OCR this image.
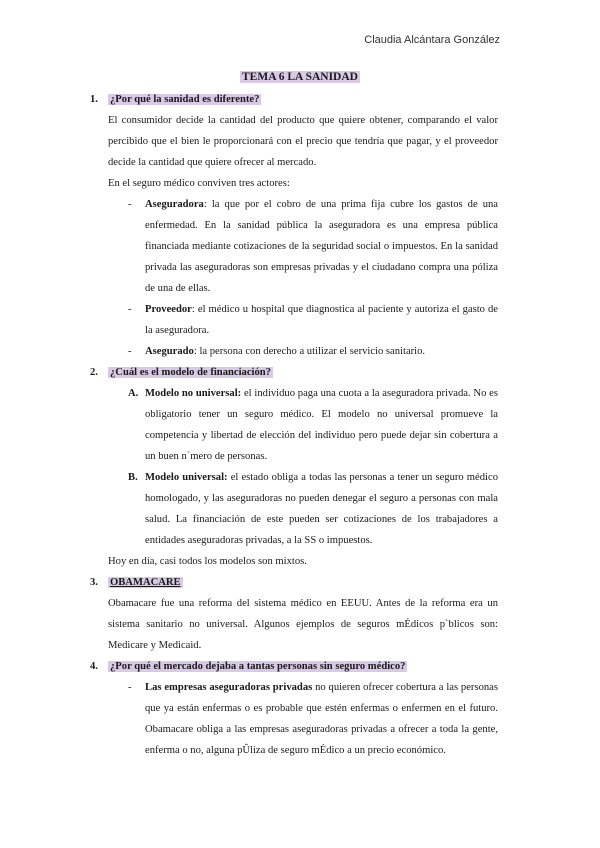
Claudia Alcántara González
TEMA 6 LA SANIDAD
1. ¿Por qué la sanidad es diferente?
El consumidor decide la cantidad del producto que quiere obtener, comparando el valor percibido que el bien le proporcionará con el precio que tendría que pagar, y el proveedor decide la cantidad que quiere ofrecer al mercado.
En el seguro médico conviven tres actores:
- Aseguradora: la que por el cobro de una prima fija cubre los gastos de una enfermedad. En la sanidad pública la aseguradora es una empresa pública financiada mediante cotizaciones de la seguridad social o impuestos. En la sanidad privada las aseguradoras son empresas privadas y el ciudadano compra una póliza de una de ellas.
- Proveedor: el médico u hospital que diagnostica al paciente y autoriza el gasto de la aseguradora.
- Asegurado: la persona con derecho a utilizar el servicio sanitario.
2. ¿Cuál es el modelo de financiación?
A. Modelo no universal: el individuo paga una cuota a la aseguradora privada. No es obligatorio tener un seguro médico. El modelo no universal promueve la competencia y libertad de elección del individuo pero puede dejar sin cobertura a un buen n`mero de personas.
B. Modelo universal: el estado obliga a todas las personas a tener un seguro médico homologado, y las aseguradoras no pueden denegar el seguro a personas con mala salud. La financiación de este pueden ser cotizaciones de los trabajadores a entidades aseguradoras privadas, a la SS o impuestos.
Hoy en día, casi todos los modelos son mixtos.
3. OBAMACARE
Obamacare fue una reforma del sistema médico en EEUU. Antes de la reforma era un sistema sanitario no universal. Algunos ejemplos de seguros mÉdicos p`blicos son: Medicare y Medicaid.
4. ¿Por qué el mercado dejaba a tantas personas sin seguro médico?
- Las empresas aseguradoras privadas no quieren ofrecer cobertura a las personas que ya están enfermas o es probable que estén enfermas o enfermen en el futuro. Obamacare obliga a las empresas aseguradoras privadas a ofrecer a toda la gente, enferma o no, alguna pÛliza de seguro mÉdico a un precio económico.
